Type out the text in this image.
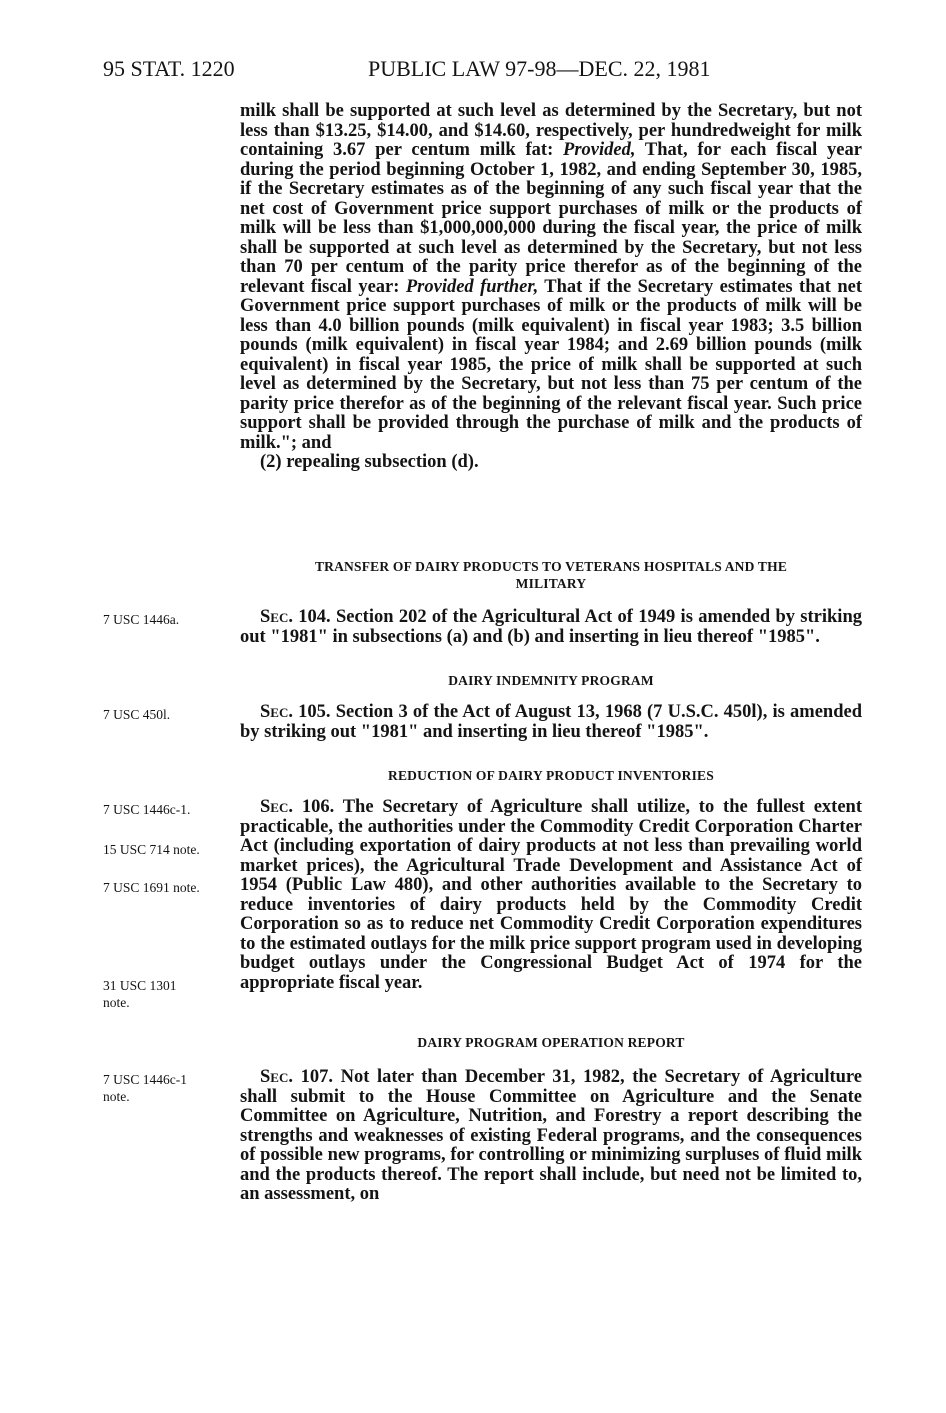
95 STAT. 1220	PUBLIC LAW 97-98—DEC. 22, 1981

milk shall be supported at such level as determined by the Secretary, but not less than $13.25, $14.00, and $14.60, respectively, per hundredweight for milk containing 3.67 per centum milk fat: Provided, That, for each fiscal year during the period beginning October 1, 1982, and ending September 30, 1985, if the Secretary estimates as of the beginning of any such fiscal year that the net cost of Government price support purchases of milk or the products of milk will be less than $1,000,000,000 during the fiscal year, the price of milk shall be supported at such level as determined by the Secretary, but not less than 70 per centum of the parity price therefor as of the beginning of the relevant fiscal year: Provided further, That if the Secretary estimates that net Government price support purchases of milk or the products of milk will be less than 4.0 billion pounds (milk equivalent) in fiscal year 1983; 3.5 billion pounds (milk equivalent) in fiscal year 1984; and 2.69 billion pounds (milk equivalent) in fiscal year 1985, the price of milk shall be supported at such level as determined by the Secretary, but not less than 75 per centum of the parity price therefor as of the beginning of the relevant fiscal year. Such price support shall be provided through the purchase of milk and the products of milk."; and

(2) repealing subsection (d).

TRANSFER OF DAIRY PRODUCTS TO VETERANS HOSPITALS AND THE
MILITARY
7 USC 1446a.	Sec. 104. Section 202 of the Agricultural Act of 1949 is amended by striking out "1981" in subsections (a) and (b) and inserting in lieu thereof "1985".

DAIRY INDEMNITY PROGRAM
7 USC 450l.	Sec. 105. Section 3 of the Act of August 13, 1968 (7 U.S.C. 450l), is amended by striking out "1981" and inserting in lieu thereof "1985".

REDUCTION OF DAIRY PRODUCT INVENTORIES
7 USC 1446c-1.
15 USC 714 note.
7 USC 1691 note.
31 USC 1301
note.

Sec. 106. The Secretary of Agriculture shall utilize, to the fullest extent practicable, the authorities under the Commodity Credit Corporation Charter Act (including exportation of dairy products at not less than prevailing world market prices), the Agricultural Trade Development and Assistance Act of 1954 (Public Law 480), and other authorities available to the Secretary to reduce inventories of dairy products held by the Commodity Credit Corporation so as to reduce net Commodity Credit Corporation expenditures to the estimated outlays for the milk price support program used in developing budget outlays under the Congressional Budget Act of 1974 for the appropriate fiscal year.

DAIRY PROGRAM OPERATION REPORT
7 USC 1446c-1
note.

Sec. 107. Not later than December 31, 1982, the Secretary of Agriculture shall submit to the House Committee on Agriculture and the Senate Committee on Agriculture, Nutrition, and Forestry a report describing the strengths and weaknesses of existing Federal programs, and the consequences of possible new programs, for controlling or minimizing surpluses of fluid milk and the products thereof. The report shall include, but need not be limited to, an assessment, on
